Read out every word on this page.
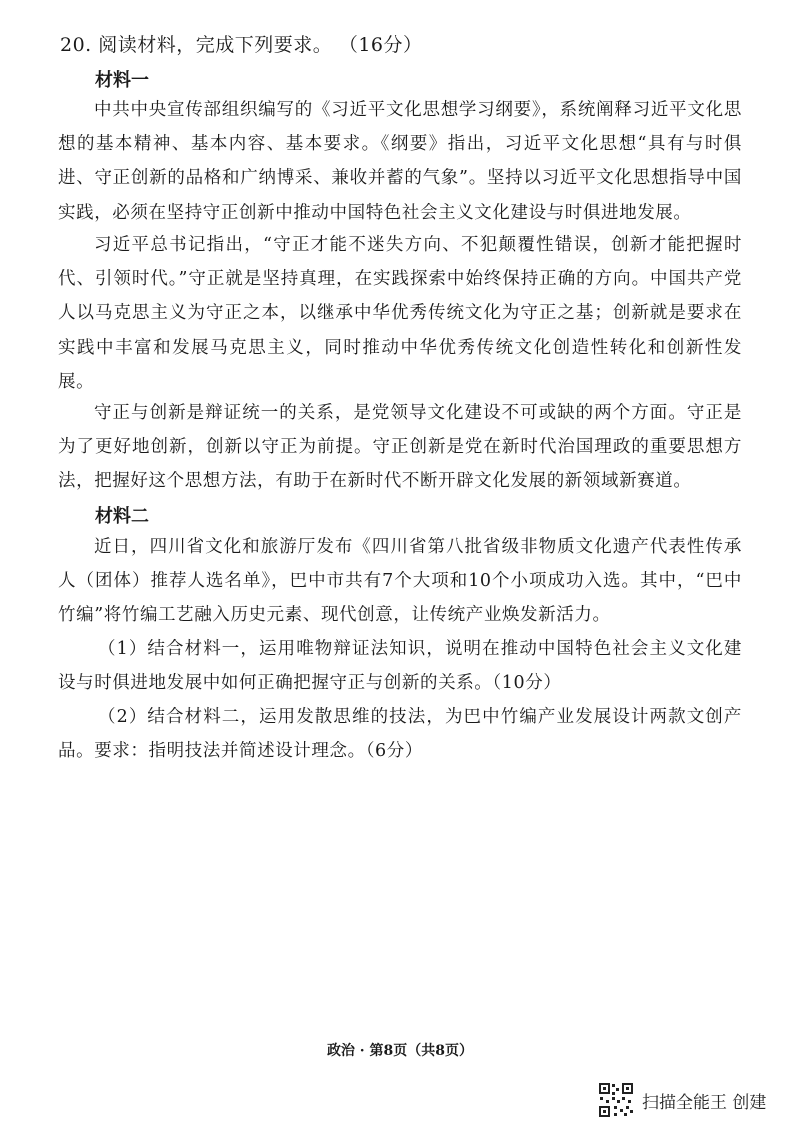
20. 阅读材料，完成下列要求。 （16分）
材料一
中共中央宣传部组织编写的《习近平文化思想学习纲要》，系统阐释习近平文化思想的基本精神、基本内容、基本要求。《纲要》指出，习近平文化思想“具有与时俱进、守正创新的品格和广纳博采、兼收并蓄的气象”。坚持以习近平文化思想指导中国实践，必须在坚持守正创新中推动中国特色社会主义文化建设与时俱进地发展。
习近平总书记指出，“守正才能不迷失方向、不犯颠覆性错误，创新才能把握时代、引领时代。”守正就是坚持真理，在实践探索中始终保持正确的方向。中国共产党人以马克思主义为守正之本，以继承中华优秀传统文化为守正之基；创新就是要求在实践中丰富和发展马克思主义，同时推动中华优秀传统文化创造性转化和创新性发展。
守正与创新是辩证统一的关系，是党领导文化建设不可或缺的两个方面。守正是为了更好地创新，创新以守正为前提。守正创新是党在新时代治国理政的重要思想方法，把握好这个思想方法，有助于在新时代不断开辟文化发展的新领域新赛道。
材料二
近日，四川省文化和旅游厅发布《四川省第八批省级非物质文化遗产代表性传承人（团体）推荐人选名单》，巴中市共有7个大项和10个小项成功入选。其中，“巴中竹编”将竹编工艺融入历史元素、现代创意，让传统产业焕发新活力。
（1）结合材料一，运用唯物辩证法知识，说明在推动中国特色社会主义文化建设与时俱进地发展中如何正确把握守正与创新的关系。（10分）
（2）结合材料二，运用发散思维的技法，为巴中竹编产业发展设计两款文创产品。要求：指明技法并简述设计理念。（6分）
政治 · 第8页（共8页）
扫描全能王 创建
